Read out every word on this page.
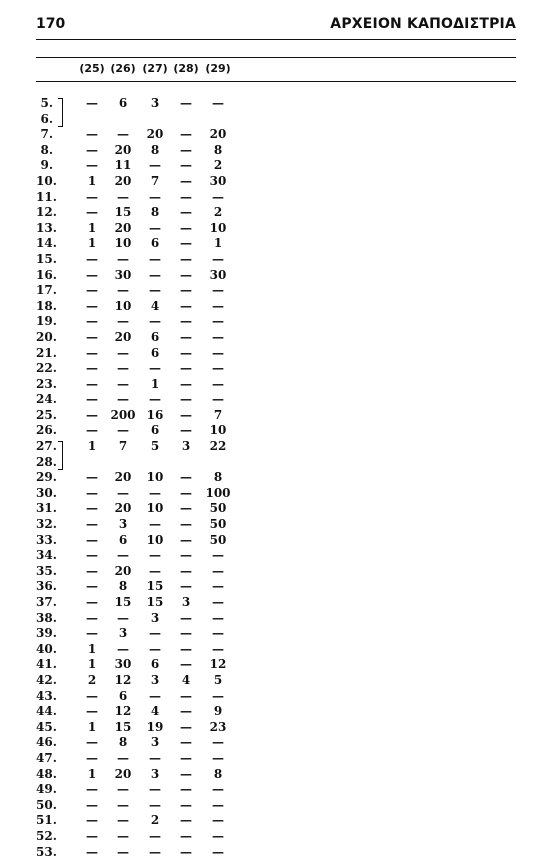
170	ΑΡΧΕΙΟΝ ΚΑΠΟΔΙΣΤΡΙΑ
(25) (26) (27) (28) (29)
5.	— 6 3 — —
6.
7.	— — 20 — 20
8.	— 20 8 — 8
9.	— 11 — — 2
10.	1 20 7 — 30
11. — — — — —
12. — 15 8 — 2
13.	1 20 — — 10
14.	1 10 6 — 1
15. — — — — —
16. — 30 — — 30
17. — — — — —
18. — 10 4 — —
19. — — — — —
20. — 20 6 — —
21. — — 6 — —
22. — — — — —
23. — — 1 — —
24. — — — — —
25. — 200 16 — 7
26. — — 6 — 10
27.	1 7 5 3 22
28.
29. — 20 10 — 8
30. — — — — 100
31. — 20 10 — 50
32. — 3 — — 50
33. — 6 10 — 50
34. — — — — —
35. — 20 — — —
36. — 8 15 — —
37. — 15 15 3 —
38. — — 3 — —
39. — 3 — — —
40.	1 — — — —
41.	1 30 6 — 12
42.	2 12 3 4 5
43. — 6 — — —
44. — 12 4 — 9
45.	1 15 19 — 23
46. — 8 3 — —
47. — — — — —
48.	1 20 3 — 8
49. — — — — —
50. — — — — —
51. — — 2 — —
52. — — — — —
53. — — — — —
